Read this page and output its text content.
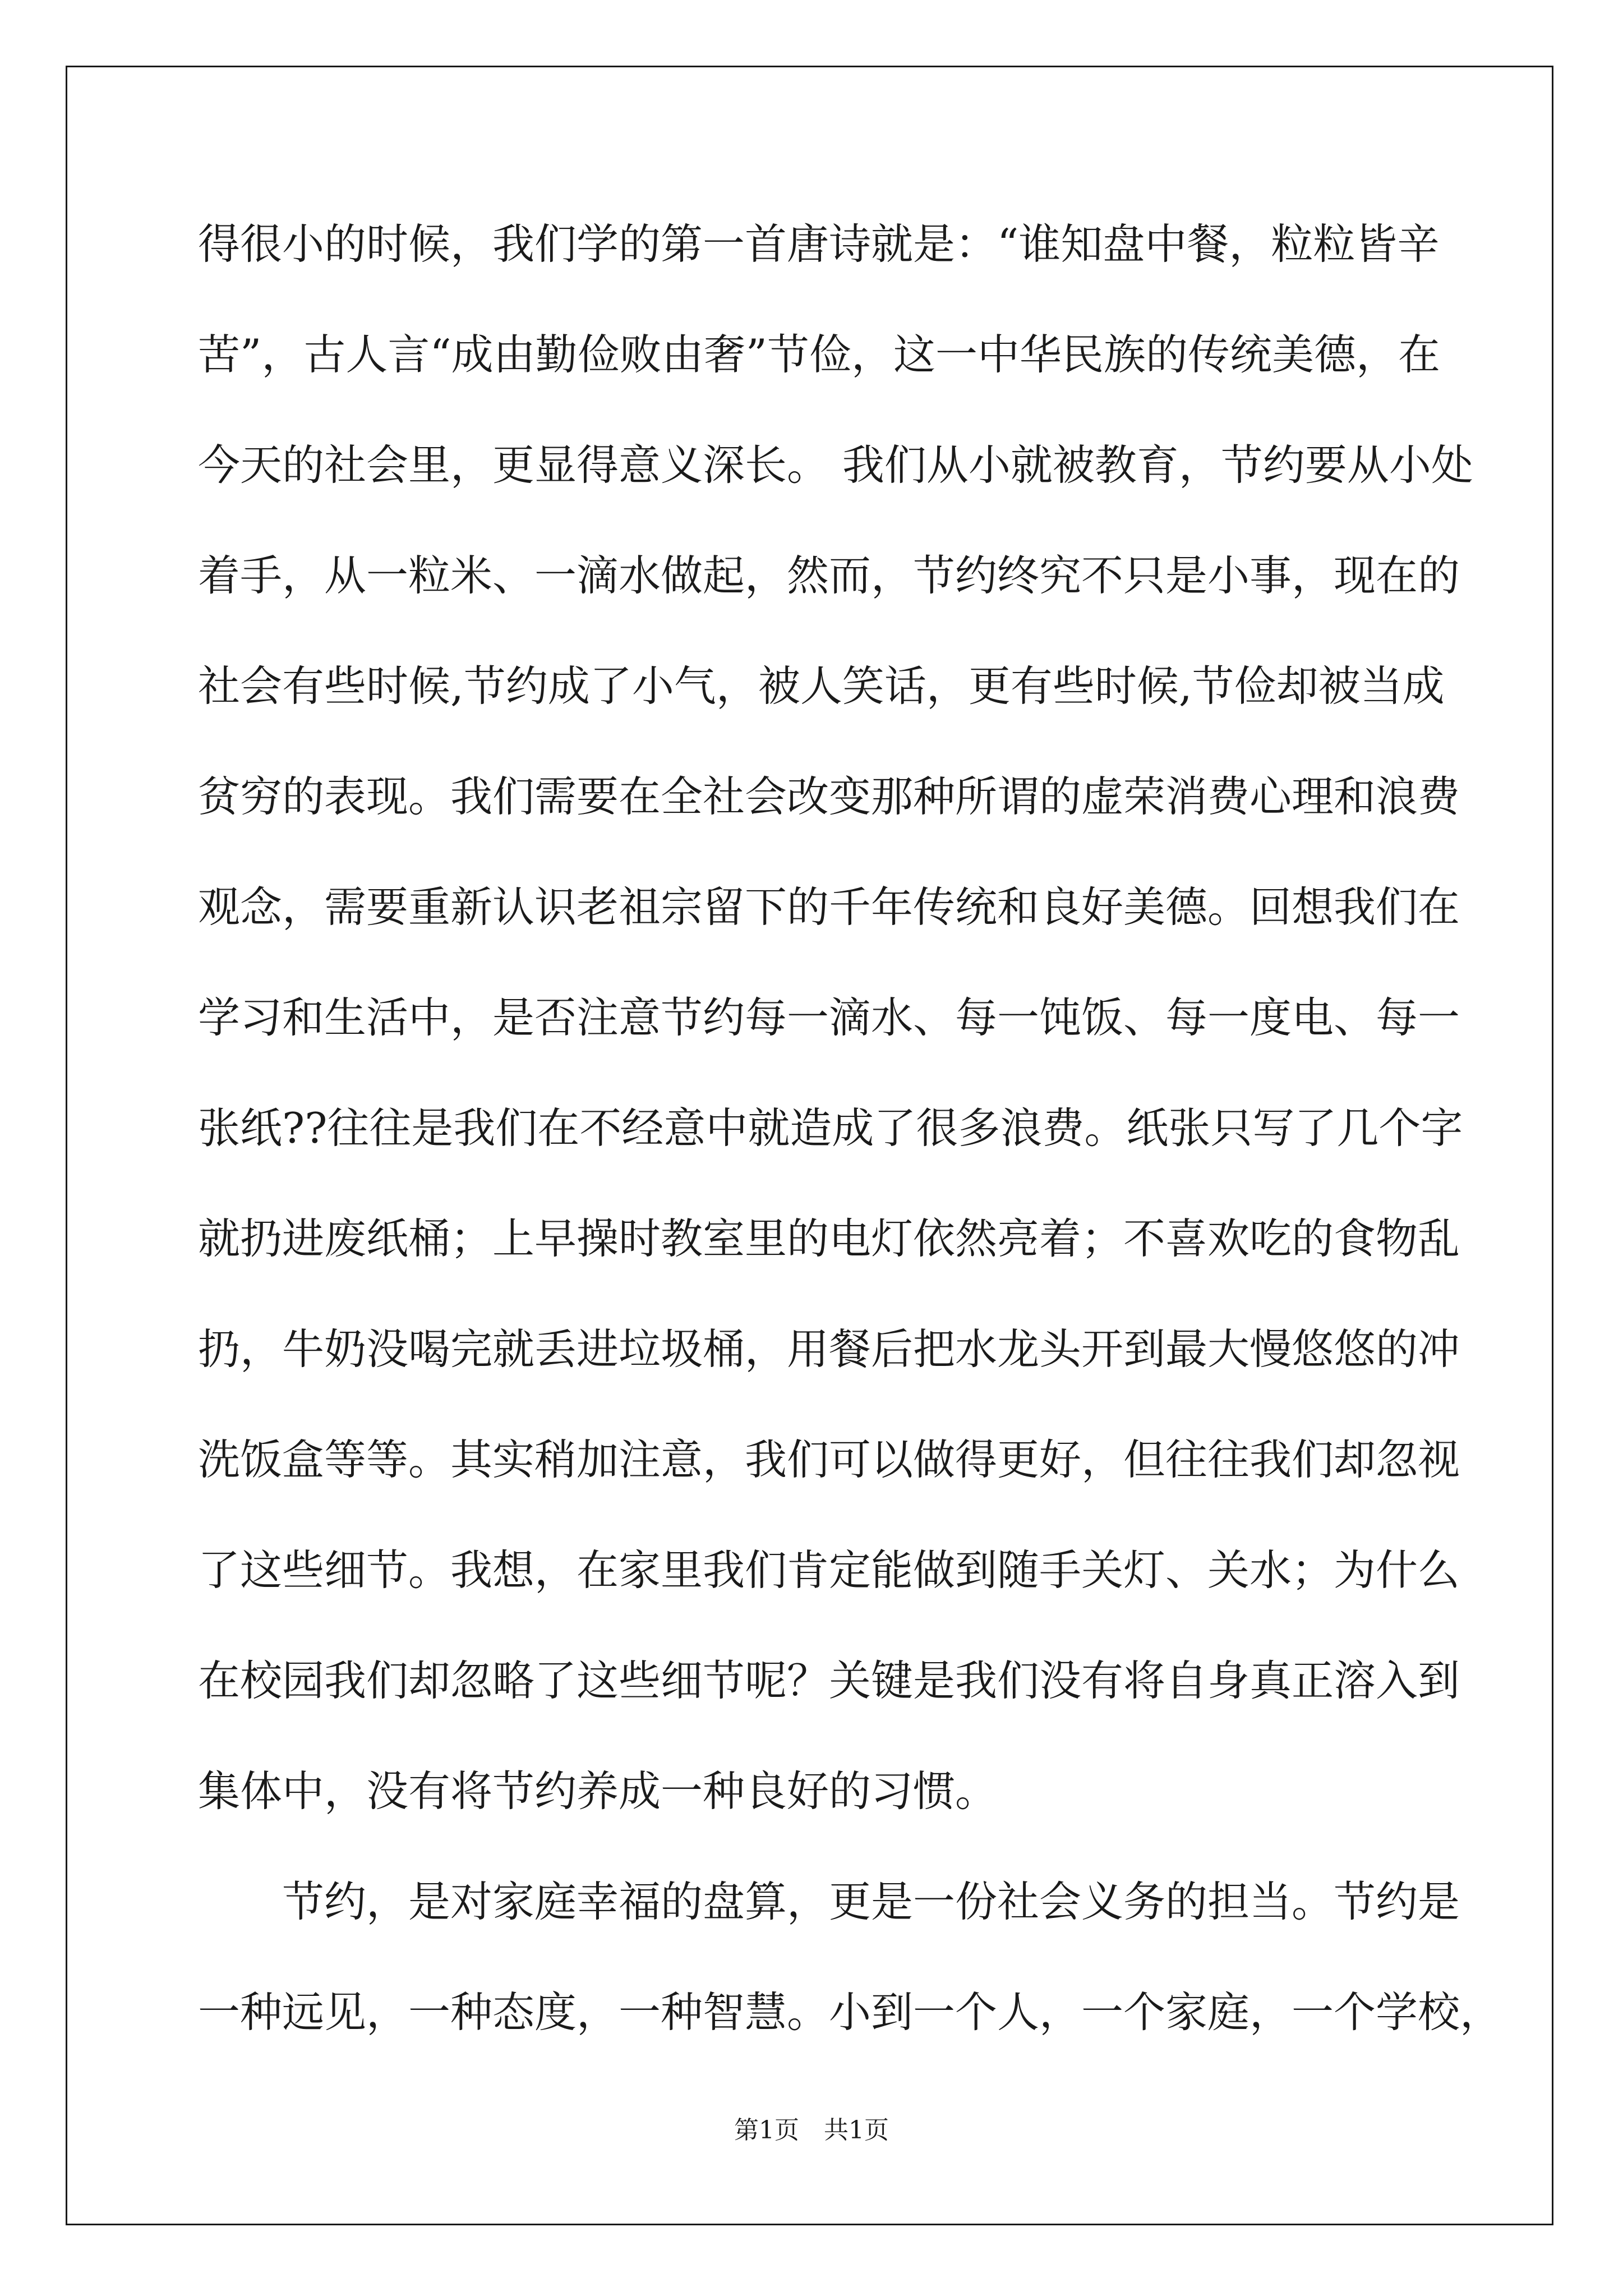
得很小的时候，我们学的第一首唐诗就是：“谁知盘中餐，粒粒皆辛
苦”，古人言“成由勤俭败由奢”节俭，这一中华民族的传统美德，在
今天的社会里，更显得意义深长。 我们从小就被教育，节约要从小处
着手，从一粒米、一滴水做起，然而，节约终究不只是小事，现在的
社会有些时候,节约成了小气，被人笑话，更有些时候,节俭却被当成
贫穷的表现。我们需要在全社会改变那种所谓的虚荣消费心理和浪费
观念，需要重新认识老祖宗留下的千年传统和良好美德。回想我们在
学习和生活中，是否注意节约每一滴水、每一饨饭、每一度电、每一
张纸??往往是我们在不经意中就造成了很多浪费。纸张只写了几个字
就扔进废纸桶；上早操时教室里的电灯依然亮着；不喜欢吃的食物乱
扔，牛奶没喝完就丢进垃圾桶，用餐后把水龙头开到最大慢悠悠的冲
洗饭盒等等。其实稍加注意，我们可以做得更好，但往往我们却忽视
了这些细节。我想，在家里我们肯定能做到随手关灯、关水；为什么
在校园我们却忽略了这些细节呢？关键是我们没有将自身真正溶入到
集体中，没有将节约养成一种良好的习惯。
　　节约，是对家庭幸福的盘算，更是一份社会义务的担当。节约是
一种远见，一种态度，一种智慧。小到一个人，一个家庭，一个学校，
第1页　共1页
